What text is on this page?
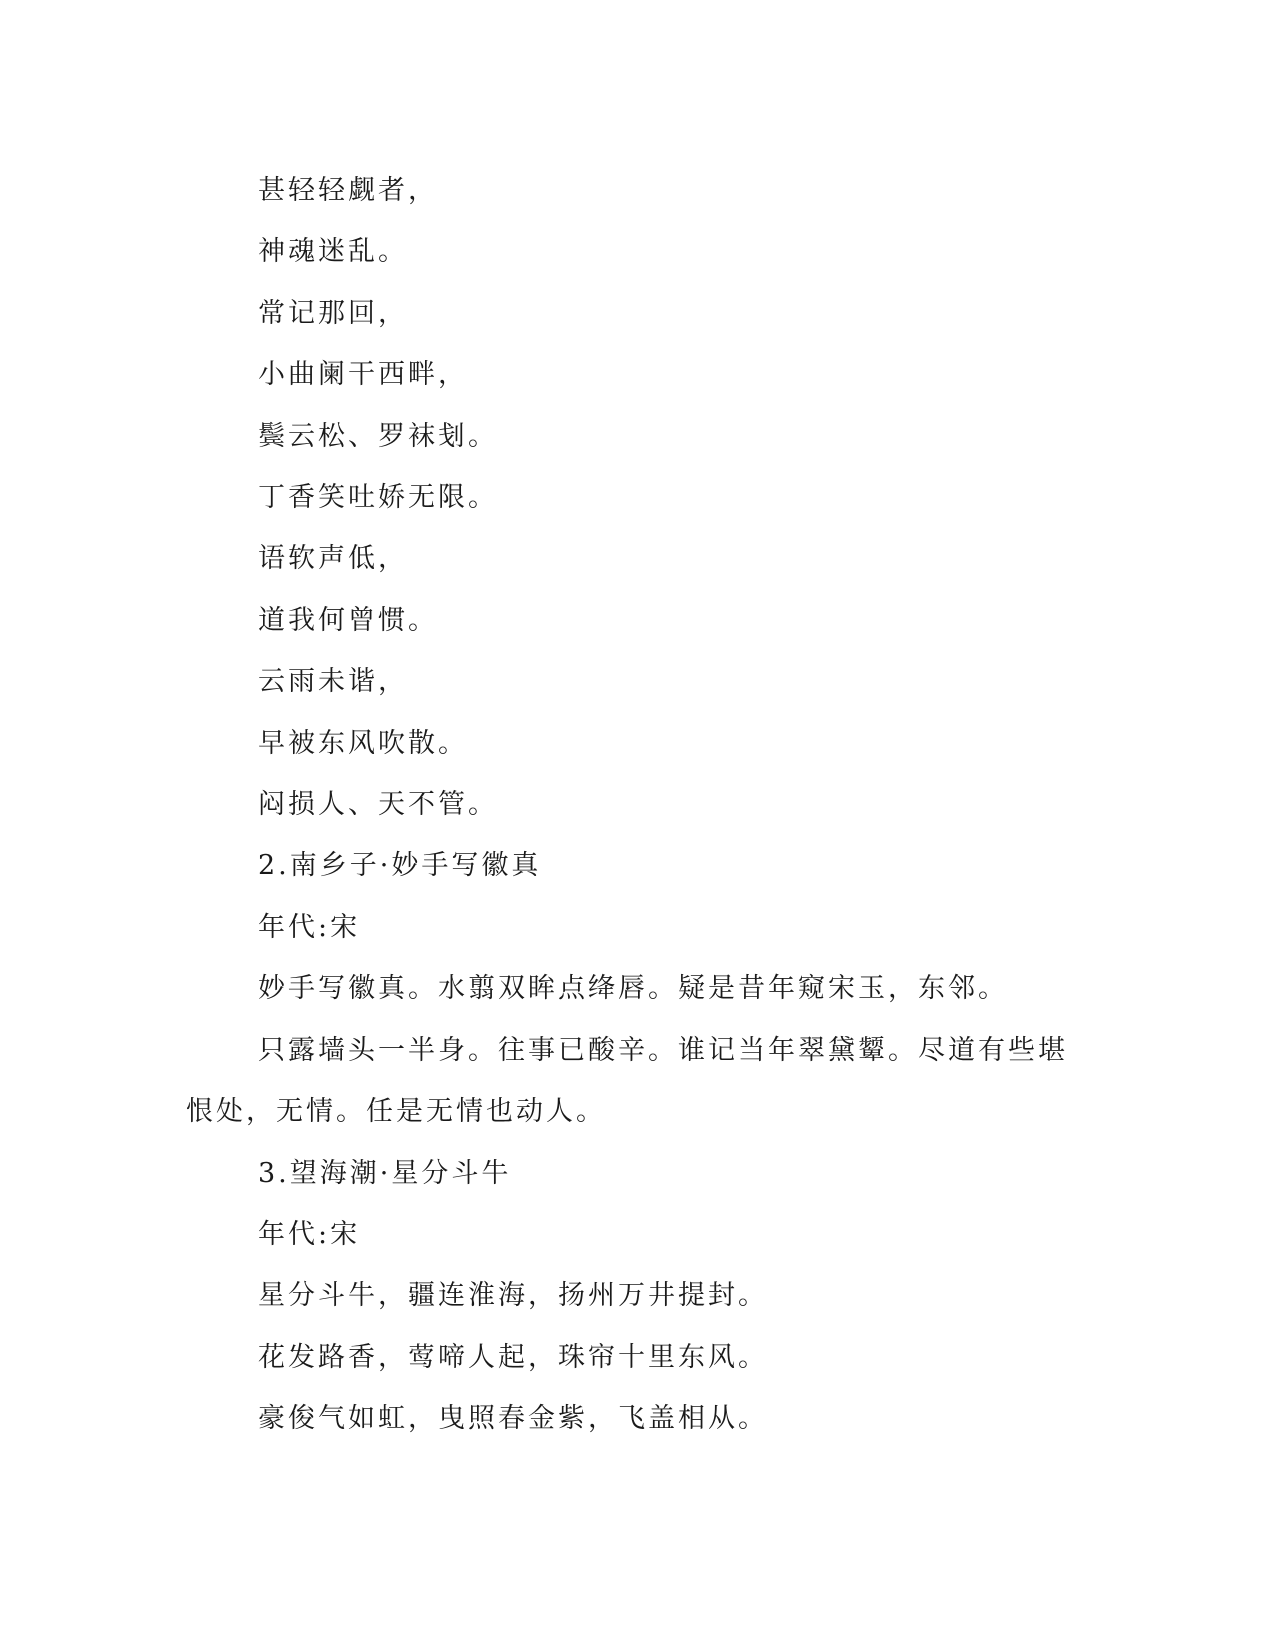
甚轻轻觑者，

神魂迷乱。

常记那回，

小曲阑干西畔，

鬓云松、罗袜刬。

丁香笑吐娇无限。

语软声低，

道我何曾惯。

云雨未谐，

早被东风吹散。

闷损人、天不管。

2.南乡子·妙手写徽真

年代:宋

妙手写徽真。水翦双眸点绛唇。疑是昔年窥宋玉，东邻。

只露墙头一半身。往事已酸辛。谁记当年翠黛颦。尽道有些堪恨处，无情。任是无情也动人。

3.望海潮·星分斗牛

年代:宋

星分斗牛，疆连淮海，扬州万井提封。

花发路香，莺啼人起，珠帘十里东风。

豪俊气如虹，曳照春金紫，飞盖相从。
